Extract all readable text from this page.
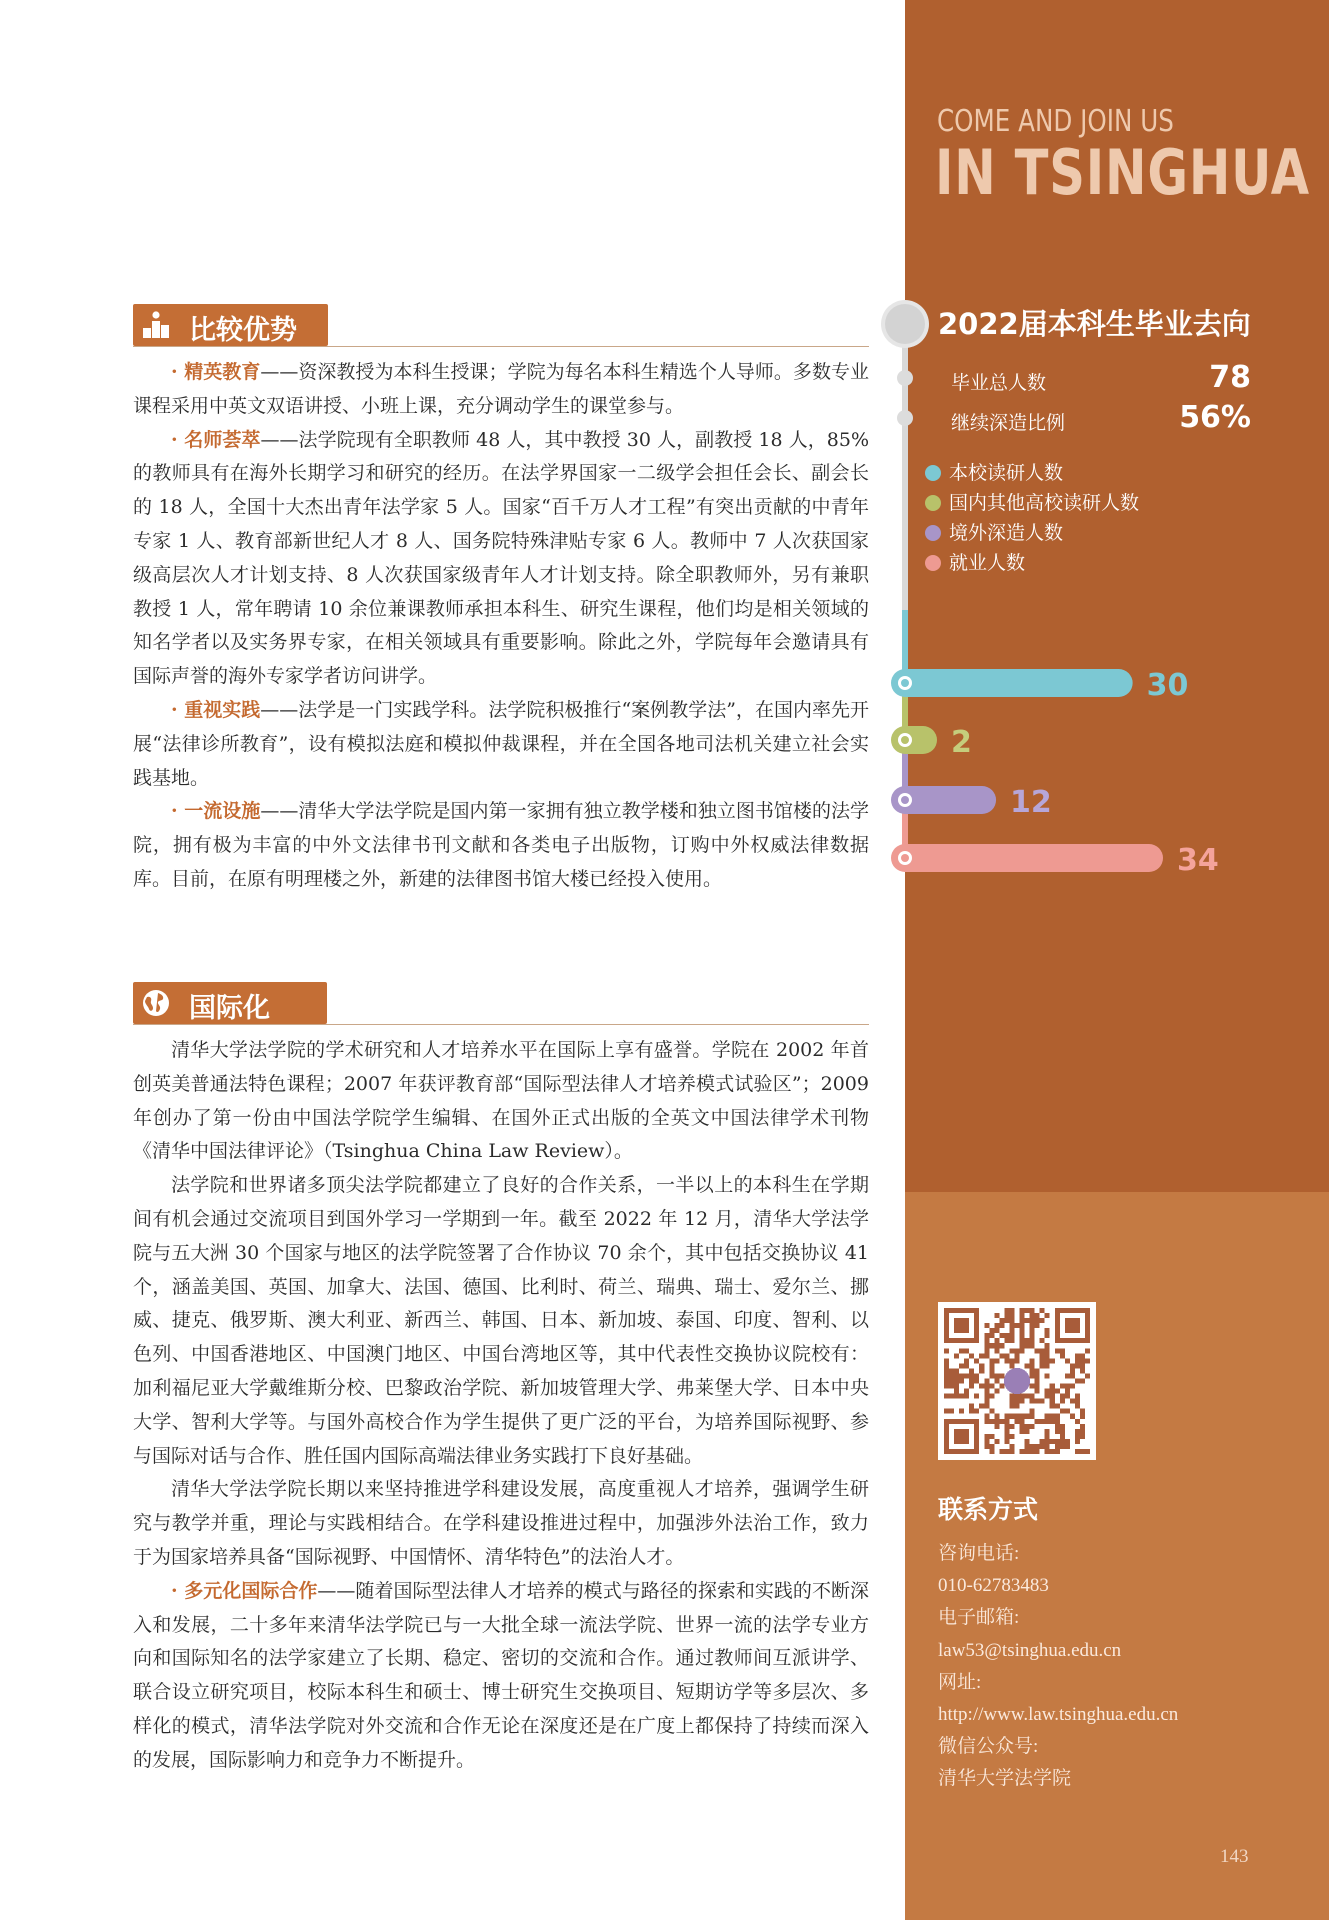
COME AND JOIN US
IN TSINGHUA
30
2
12
34
2022届本科生毕业去向
毕业总人数	78
继续深造比例	56%
本校读研人数
国内其他高校读研人数
境外深造人数
就业人数
联系方式
咨询电话:
010-62783483
电子邮箱:
law53@tsinghua.edu.cn
网址:
http://www.law.tsinghua.edu.cn
微信公众号:
清华大学法学院
143
比较优势

· 精英教育——资深教授为本科生授课；学院为每名本科生精选个人导师。多数专业课程采用中英文双语讲授、小班上课，充分调动学生的课堂参与。

· 名师荟萃——法学院现有全职教师 48 人，其中教授 30 人，副教授 18 人，85% 的教师具有在海外长期学习和研究的经历。在法学界国家一二级学会担任会长、副会长的 18 人，全国十大杰出青年法学家 5 人。国家“百千万人才工程”有突出贡献的中青年专家 1 人、教育部新世纪人才 8 人、国务院特殊津贴专家 6 人。教师中 7 人次获国家级高层次人才计划支持、8 人次获国家级青年人才计划支持。除全职教师外，另有兼职教授 1 人，常年聘请 10 余位兼课教师承担本科生、研究生课程，他们均是相关领域的知名学者以及实务界专家，在相关领域具有重要影响。除此之外，学院每年会邀请具有国际声誉的海外专家学者访问讲学。

· 重视实践——法学是一门实践学科。法学院积极推行“案例教学法”，在国内率先开展“法律诊所教育”，设有模拟法庭和模拟仲裁课程，并在全国各地司法机关建立社会实践基地。

· 一流设施——清华大学法学院是国内第一家拥有独立教学楼和独立图书馆楼的法学院，拥有极为丰富的中外文法律书刊文献和各类电子出版物，订购中外权威法律数据库。目前，在原有明理楼之外，新建的法律图书馆大楼已经投入使用。

国际化

清华大学法学院的学术研究和人才培养水平在国际上享有盛誉。学院在 2002 年首创英美普通法特色课程；2007 年获评教育部“国际型法律人才培养模式试验区”；2009 年创办了第一份由中国法学院学生编辑、在国外正式出版的全英文中国法律学术刊物《清华中国法律评论》（Tsinghua China Law Review）。

法学院和世界诸多顶尖法学院都建立了良好的合作关系，一半以上的本科生在学期间有机会通过交流项目到国外学习一学期到一年。截至 2022 年 12 月，清华大学法学院与五大洲 30 个国家与地区的法学院签署了合作协议 70 余个，其中包括交换协议 41 个，涵盖美国、英国、加拿大、法国、德国、比利时、荷兰、瑞典、瑞士、爱尔兰、挪威、捷克、俄罗斯、澳大利亚、新西兰、韩国、日本、新加坡、泰国、印度、智利、以色列、中国香港地区、中国澳门地区、中国台湾地区等，其中代表性交换协议院校有：加利福尼亚大学戴维斯分校、巴黎政治学院、新加坡管理大学、弗莱堡大学、日本中央大学、智利大学等。与国外高校合作为学生提供了更广泛的平台，为培养国际视野、参与国际对话与合作、胜任国内国际高端法律业务实践打下良好基础。

清华大学法学院长期以来坚持推进学科建设发展，高度重视人才培养，强调学生研究与教学并重，理论与实践相结合。在学科建设推进过程中，加强涉外法治工作，致力于为国家培养具备“国际视野、中国情怀、清华特色”的法治人才。

· 多元化国际合作——随着国际型法律人才培养的模式与路径的探索和实践的不断深入和发展，二十多年来清华法学院已与一大批全球一流法学院、世界一流的法学专业方向和国际知名的法学家建立了长期、稳定、密切的交流和合作。通过教师间互派讲学、联合设立研究项目，校际本科生和硕士、博士研究生交换项目、短期访学等多层次、多样化的模式，清华法学院对外交流和合作无论在深度还是在广度上都保持了持续而深入的发展，国际影响力和竞争力不断提升。
